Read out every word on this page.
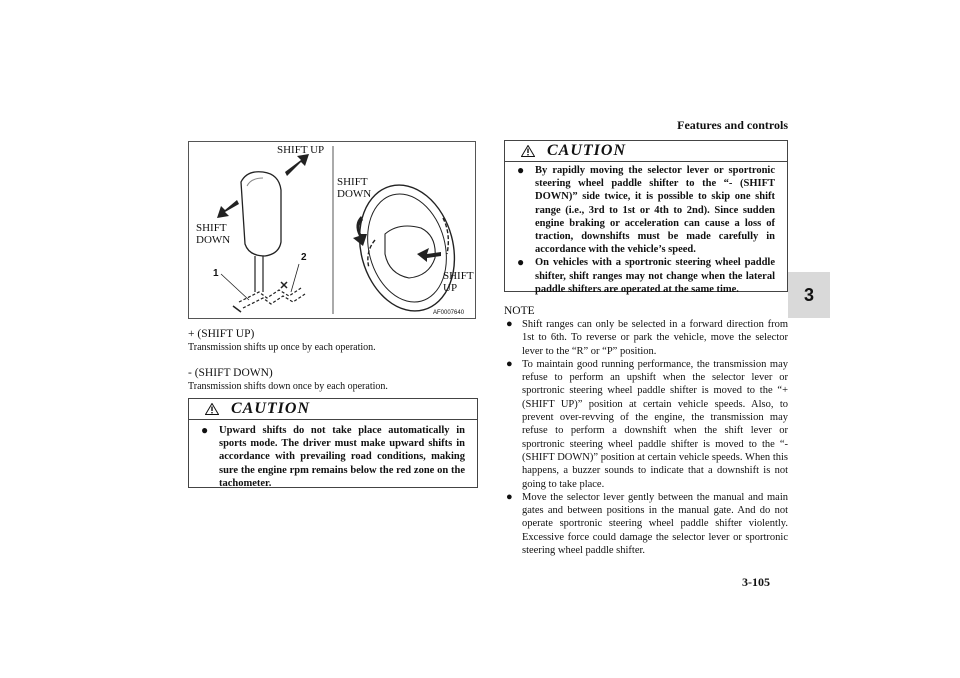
Features and controls
3
3-105
SHIFT UP
SHIFT
DOWN
SHIFT
DOWN
SHIFT
UP
1
2
AF0007640
+ (SHIFT UP)
Transmission shifts up once by each operation.
- (SHIFT DOWN)
Transmission shifts down once by each operation.
CAUTION
● Upward shifts do not take place automatically in sports mode. The driver must make upward shifts in accordance with prevailing road conditions, making sure the engine rpm remains below the red zone on the tachometer.
CAUTION
● By rapidly moving the selector lever or sportronic steering wheel paddle shifter to the “- (SHIFT DOWN)” side twice, it is possible to skip one shift range (i.e., 3rd to 1st or 4th to 2nd). Since sudden engine braking or acceleration can cause a loss of traction, downshifts must be made carefully in accordance with the vehicle’s speed.
● On vehicles with a sportronic steering wheel paddle shifter, shift ranges may not change when the lateral paddle shifters are operated at the same time.
NOTE
● Shift ranges can only be selected in a forward direction from 1st to 6th. To reverse or park the vehicle, move the selector lever to the “R” or “P” position.
● To maintain good running performance, the transmission may refuse to perform an upshift when the selector lever or sportronic steering wheel paddle shifter is moved to the “+ (SHIFT UP)” position at certain vehicle speeds. Also, to prevent over-revving of the engine, the transmission may refuse to perform a downshift when the shift lever or sportronic steering wheel paddle shifter is moved to the “- (SHIFT DOWN)” position at certain vehicle speeds. When this happens, a buzzer sounds to indicate that a downshift is not going to take place.
● Move the selector lever gently between the manual and main gates and between positions in the manual gate. And do not operate sportronic steering wheel paddle shifter violently. Excessive force could damage the selector lever or sportronic steering wheel paddle shifter.
